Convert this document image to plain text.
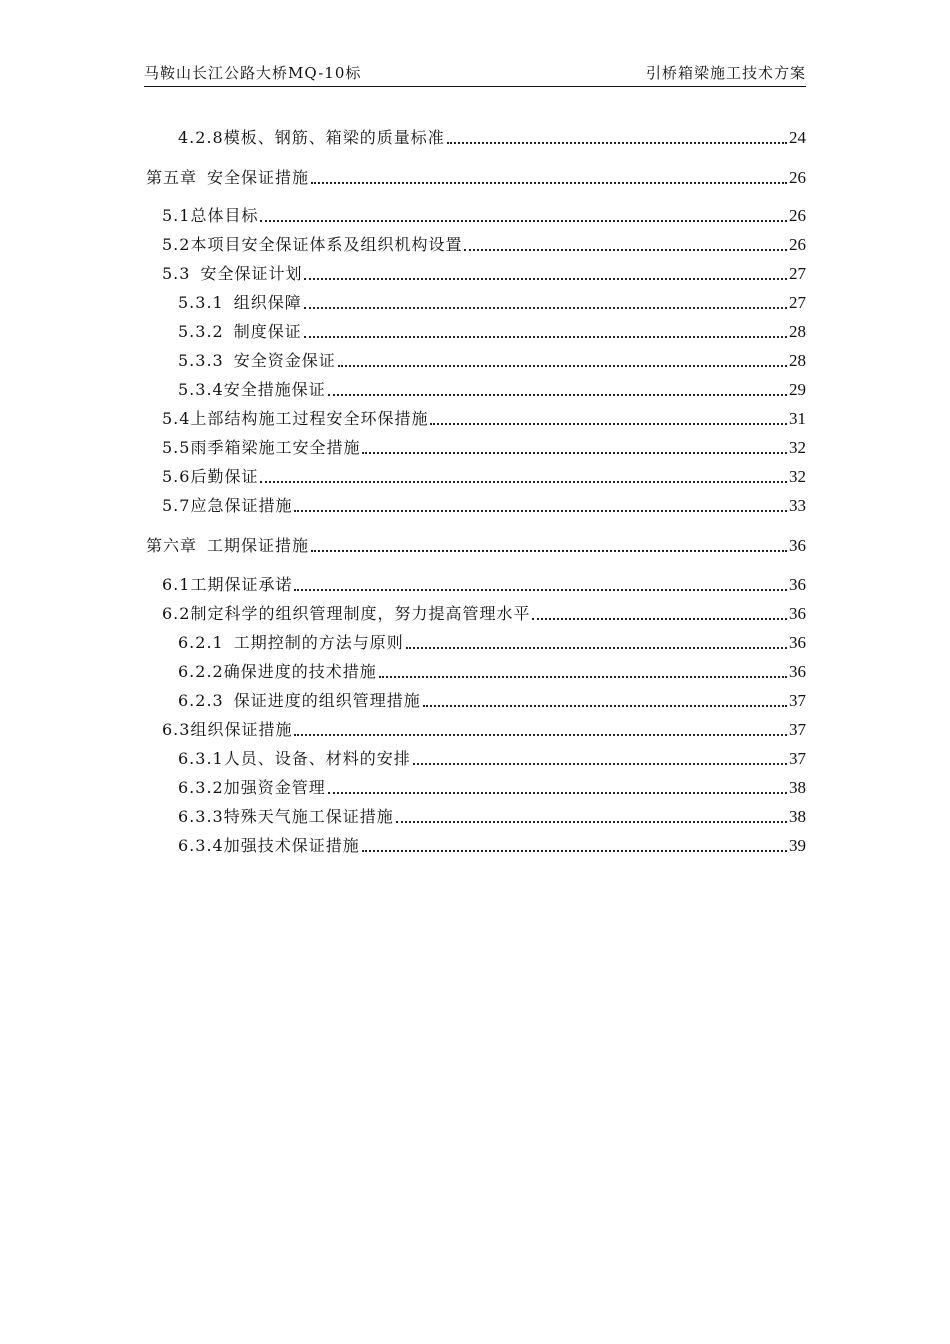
马鞍山长江公路大桥MQ-10标	引桥箱梁施工技术方案
4.2.8 模板、钢筋、箱梁的质量标准	24
第五章 安全保证措施	26
5.1 总体目标	26
5.2 本项目安全保证体系及组织机构设置	26
5.3 安全保证计划	27
5.3.1 组织保障	27
5.3.2 制度保证	28
5.3.3 安全资金保证	28
5.3.4 安全措施保证	29
5.4 上部结构施工过程安全环保措施	31
5.5 雨季箱梁施工安全措施	32
5.6 后勤保证	32
5.7 应急保证措施	33
第六章 工期保证措施	36
6.1 工期保证承诺	36
6.2 制定科学的组织管理制度，努力提高管理水平	36
6.2.1 工期控制的方法与原则	36
6.2.2 确保进度的技术措施	36
6.2.3 保证进度的组织管理措施	37
6.3 组织保证措施	37
6.3.1 人员、设备、材料的安排	37
6.3.2 加强资金管理	38
6.3.3 特殊天气施工保证措施	38
6.3.4 加强技术保证措施	39
